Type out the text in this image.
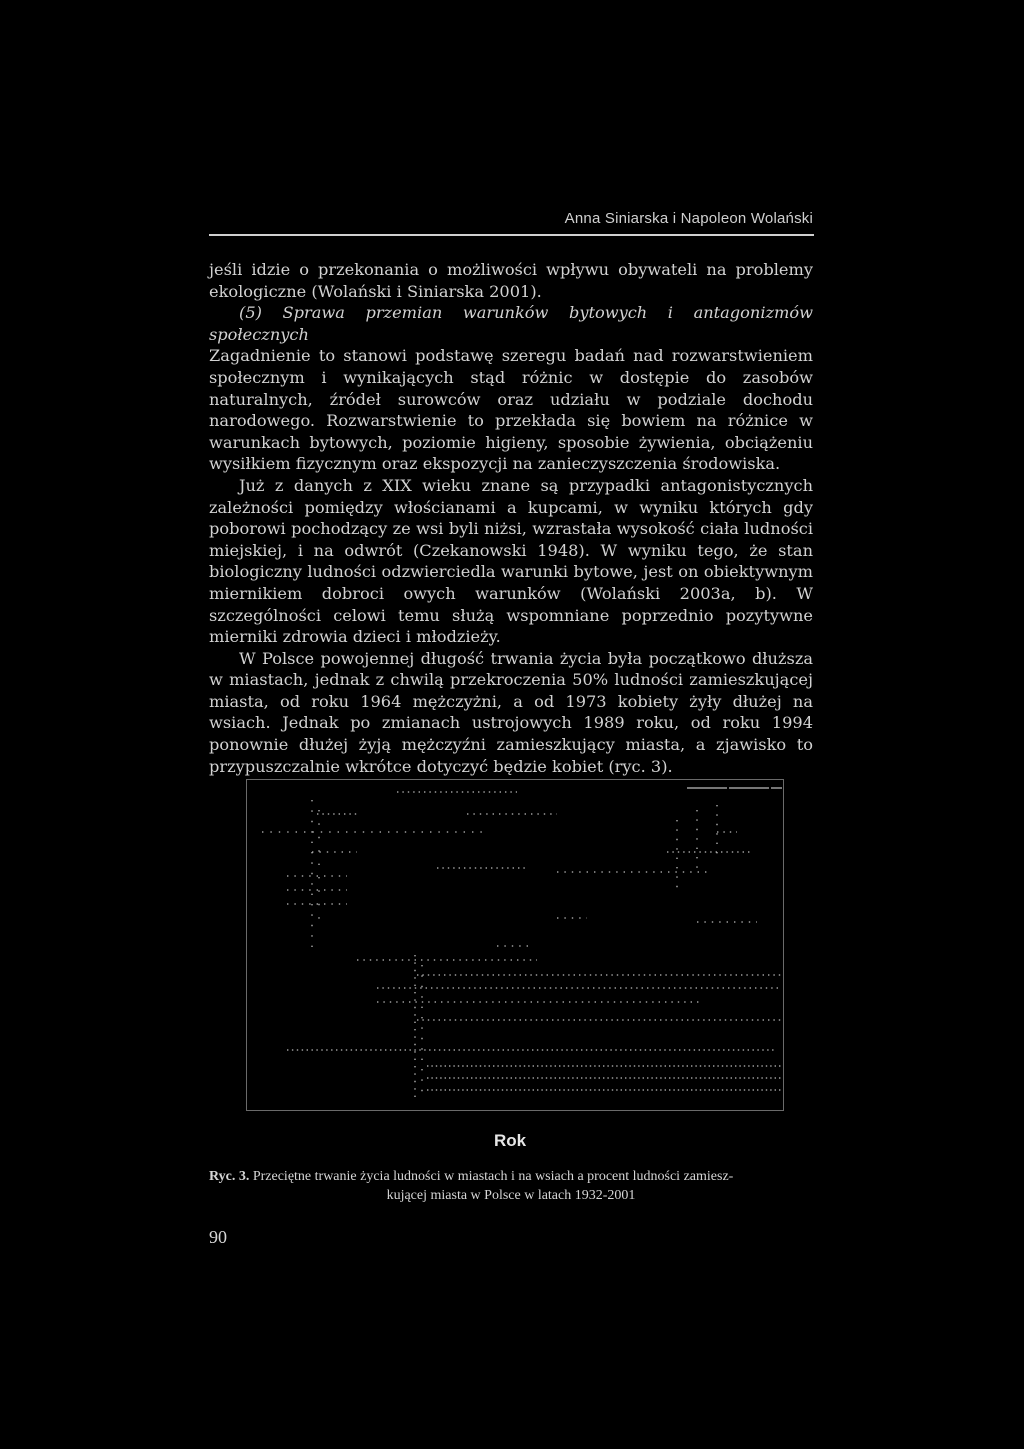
Anna Siniarska i Napoleon Wolański

jeśli idzie o przekonania o możliwości wpływu obywateli na problemy ekologiczne (Wolański i Siniarska 2001).

(5) Sprawa przemian warunków bytowych i antagonizmów społecznych

Zagadnienie to stanowi podstawę szeregu badań nad rozwarstwieniem społecznym i wynikających stąd różnic w dostępie do zasobów naturalnych, źródeł surowców oraz udziału w podziale dochodu narodowego. Rozwarstwienie to przekłada się bowiem na różnice w warunkach bytowych, poziomie higieny, sposobie żywienia, obciążeniu wysiłkiem fizycznym oraz ekspozycji na zanieczyszczenia środowiska.

Już z danych z XIX wieku znane są przypadki antagonistycznych zależności pomiędzy włościanami a kupcami, w wyniku których gdy poborowi pochodzący ze wsi byli niżsi, wzrastała wysokość ciała ludności miejskiej, i na odwrót (Czekanowski 1948). W wyniku tego, że stan biologiczny ludności odzwierciedla warunki bytowe, jest on obiektywnym miernikiem dobroci owych warunków (Wolański 2003a, b). W szczególności celowi temu służą wspomniane poprzednio pozytywne mierniki zdrowia dzieci i młodzieży.

W Polsce powojennej długość trwania życia była początkowo dłuższa w miastach, jednak z chwilą przekroczenia 50% ludności zamieszkującej miasta, od roku 1964 mężczyżni, a od 1973 kobiety żyły dłużej na wsiach. Jednak po zmianach ustrojowych 1989 roku, od roku 1994 ponownie dłużej żyją mężczyźni zamieszkujący miasta, a zjawisko to przypuszczalnie wkrótce dotyczyć będzie kobiet (ryc. 3).

Rok
Ryc. 3. Przeciętne trwanie życia ludności w miastach i na wsiach a procent ludności zamiesz-
kującej miasta w Polsce w latach 1932-2001
90
